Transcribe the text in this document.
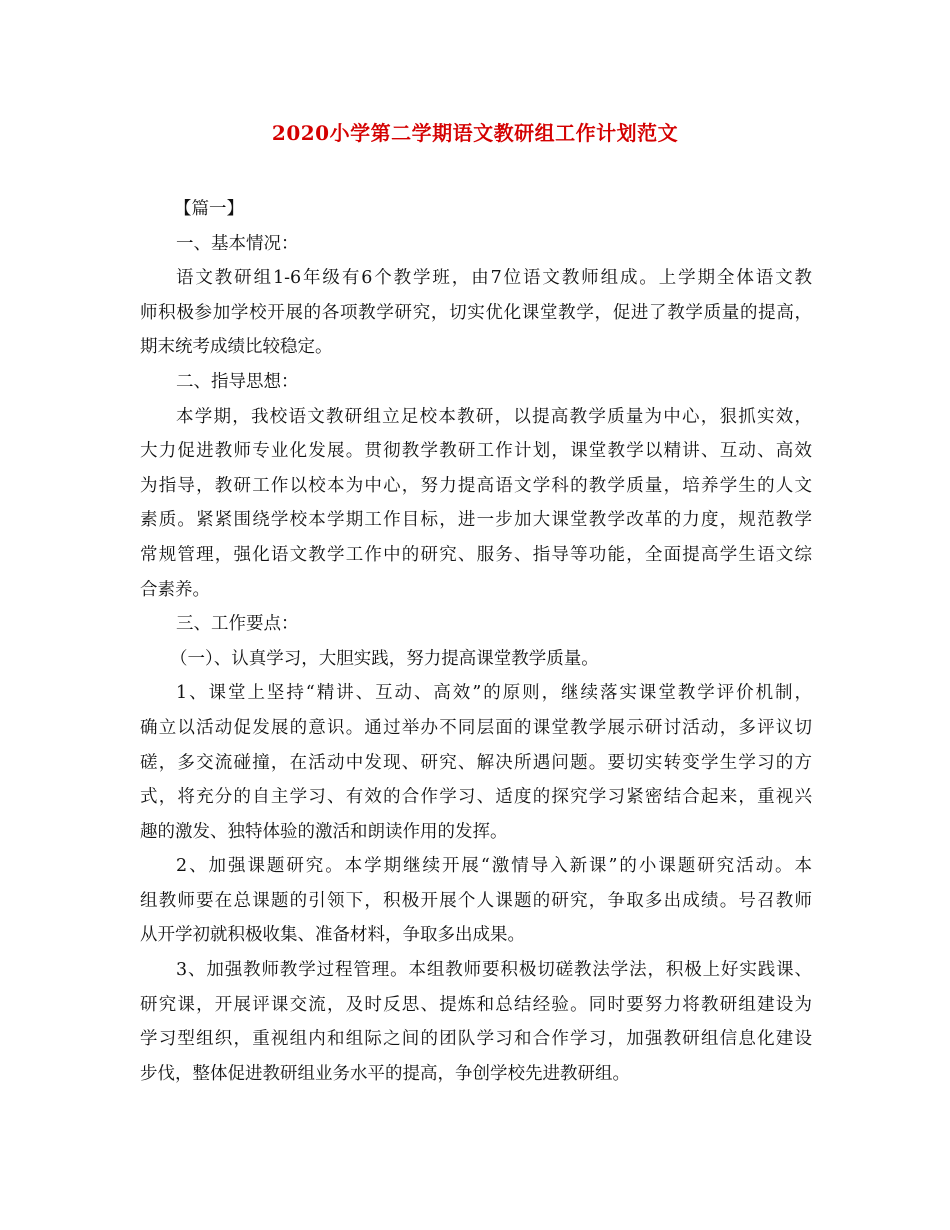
2020小学第二学期语文教研组工作计划范文

【篇一】

一、基本情况：

语文教研组1-6年级有6个教学班，由7位语文教师组成。上学期全体语文教

师积极参加学校开展的各项教学研究，切实优化课堂教学，促进了教学质量的提高，

期末统考成绩比较稳定。

二、指导思想：

本学期，我校语文教研组立足校本教研，以提高教学质量为中心，狠抓实效，

大力促进教师专业化发展。贯彻教学教研工作计划，课堂教学以精讲、互动、高效

为指导，教研工作以校本为中心，努力提高语文学科的教学质量，培养学生的人文

素质。紧紧围绕学校本学期工作目标，进一步加大课堂教学改革的力度，规范教学

常规管理，强化语文教学工作中的研究、服务、指导等功能，全面提高学生语文综

合素养。

三、工作要点：

（一）、认真学习，大胆实践，努力提高课堂教学质量。

1、课堂上坚持“精讲、互动、高效”的原则，继续落实课堂教学评价机制，

确立以活动促发展的意识。通过举办不同层面的课堂教学展示研讨活动，多评议切

磋，多交流碰撞，在活动中发现、研究、解决所遇问题。要切实转变学生学习的方

式，将充分的自主学习、有效的合作学习、适度的探究学习紧密结合起来，重视兴

趣的激发、独特体验的激活和朗读作用的发挥。

2、加强课题研究。本学期继续开展“激情导入新课”的小课题研究活动。本

组教师要在总课题的引领下，积极开展个人课题的研究，争取多出成绩。号召教师

从开学初就积极收集、准备材料，争取多出成果。

3、加强教师教学过程管理。本组教师要积极切磋教法学法，积极上好实践课、

研究课，开展评课交流，及时反思、提炼和总结经验。同时要努力将教研组建设为

学习型组织，重视组内和组际之间的团队学习和合作学习，加强教研组信息化建设

步伐，整体促进教研组业务水平的提高，争创学校先进教研组。
